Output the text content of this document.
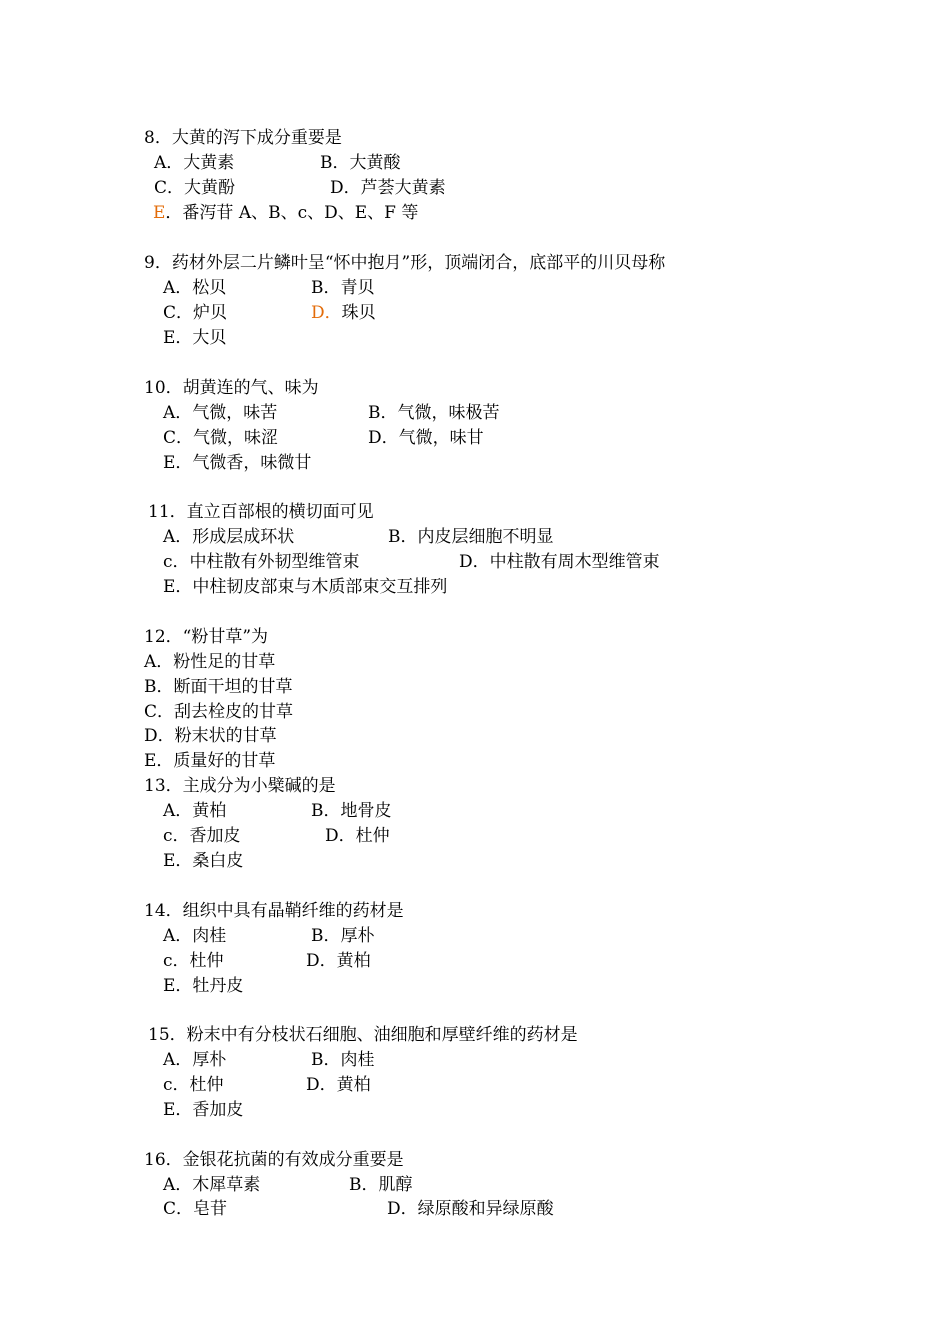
8．大黄的泻下成分重要是
A．大黄素	B．大黄酸
C．大黄酚	D．芦荟大黄素
E．番泻苷 A、B、c、D、E、F 等
9．药材外层二片鳞叶呈“怀中抱月”形，顶端闭合，底部平的川贝母称
A．松贝	B．青贝
C．炉贝	D．珠贝
E．大贝
10．胡黄连的气、味为
A．气微，味苦	B．气微，味极苦
C．气微，味涩	D．气微，味甘
E．气微香，味微甘
11．直立百部根的横切面可见
A．形成层成环状	B．内皮层细胞不明显
c．中柱散有外韧型维管束	D．中柱散有周木型维管束
E．中柱韧皮部束与木质部束交互排列
12．“粉甘草”为
A．粉性足的甘草
B．断面干坦的甘草
C．刮去栓皮的甘草
D．粉末状的甘草
E．质量好的甘草
13．主成分为小檗碱的是
A．黄柏	B．地骨皮
c．香加皮	D．杜仲
E．桑白皮
14．组织中具有晶鞘纤维的药材是
A．肉桂	B．厚朴
c．杜仲	D．黄柏
E．牡丹皮
15．粉末中有分枝状石细胞、油细胞和厚壁纤维的药材是
A．厚朴	B．肉桂
c．杜仲	D．黄柏
E．香加皮
16．金银花抗菌的有效成分重要是
A．木犀草素	B．肌醇
C．皂苷	D．绿原酸和异绿原酸
